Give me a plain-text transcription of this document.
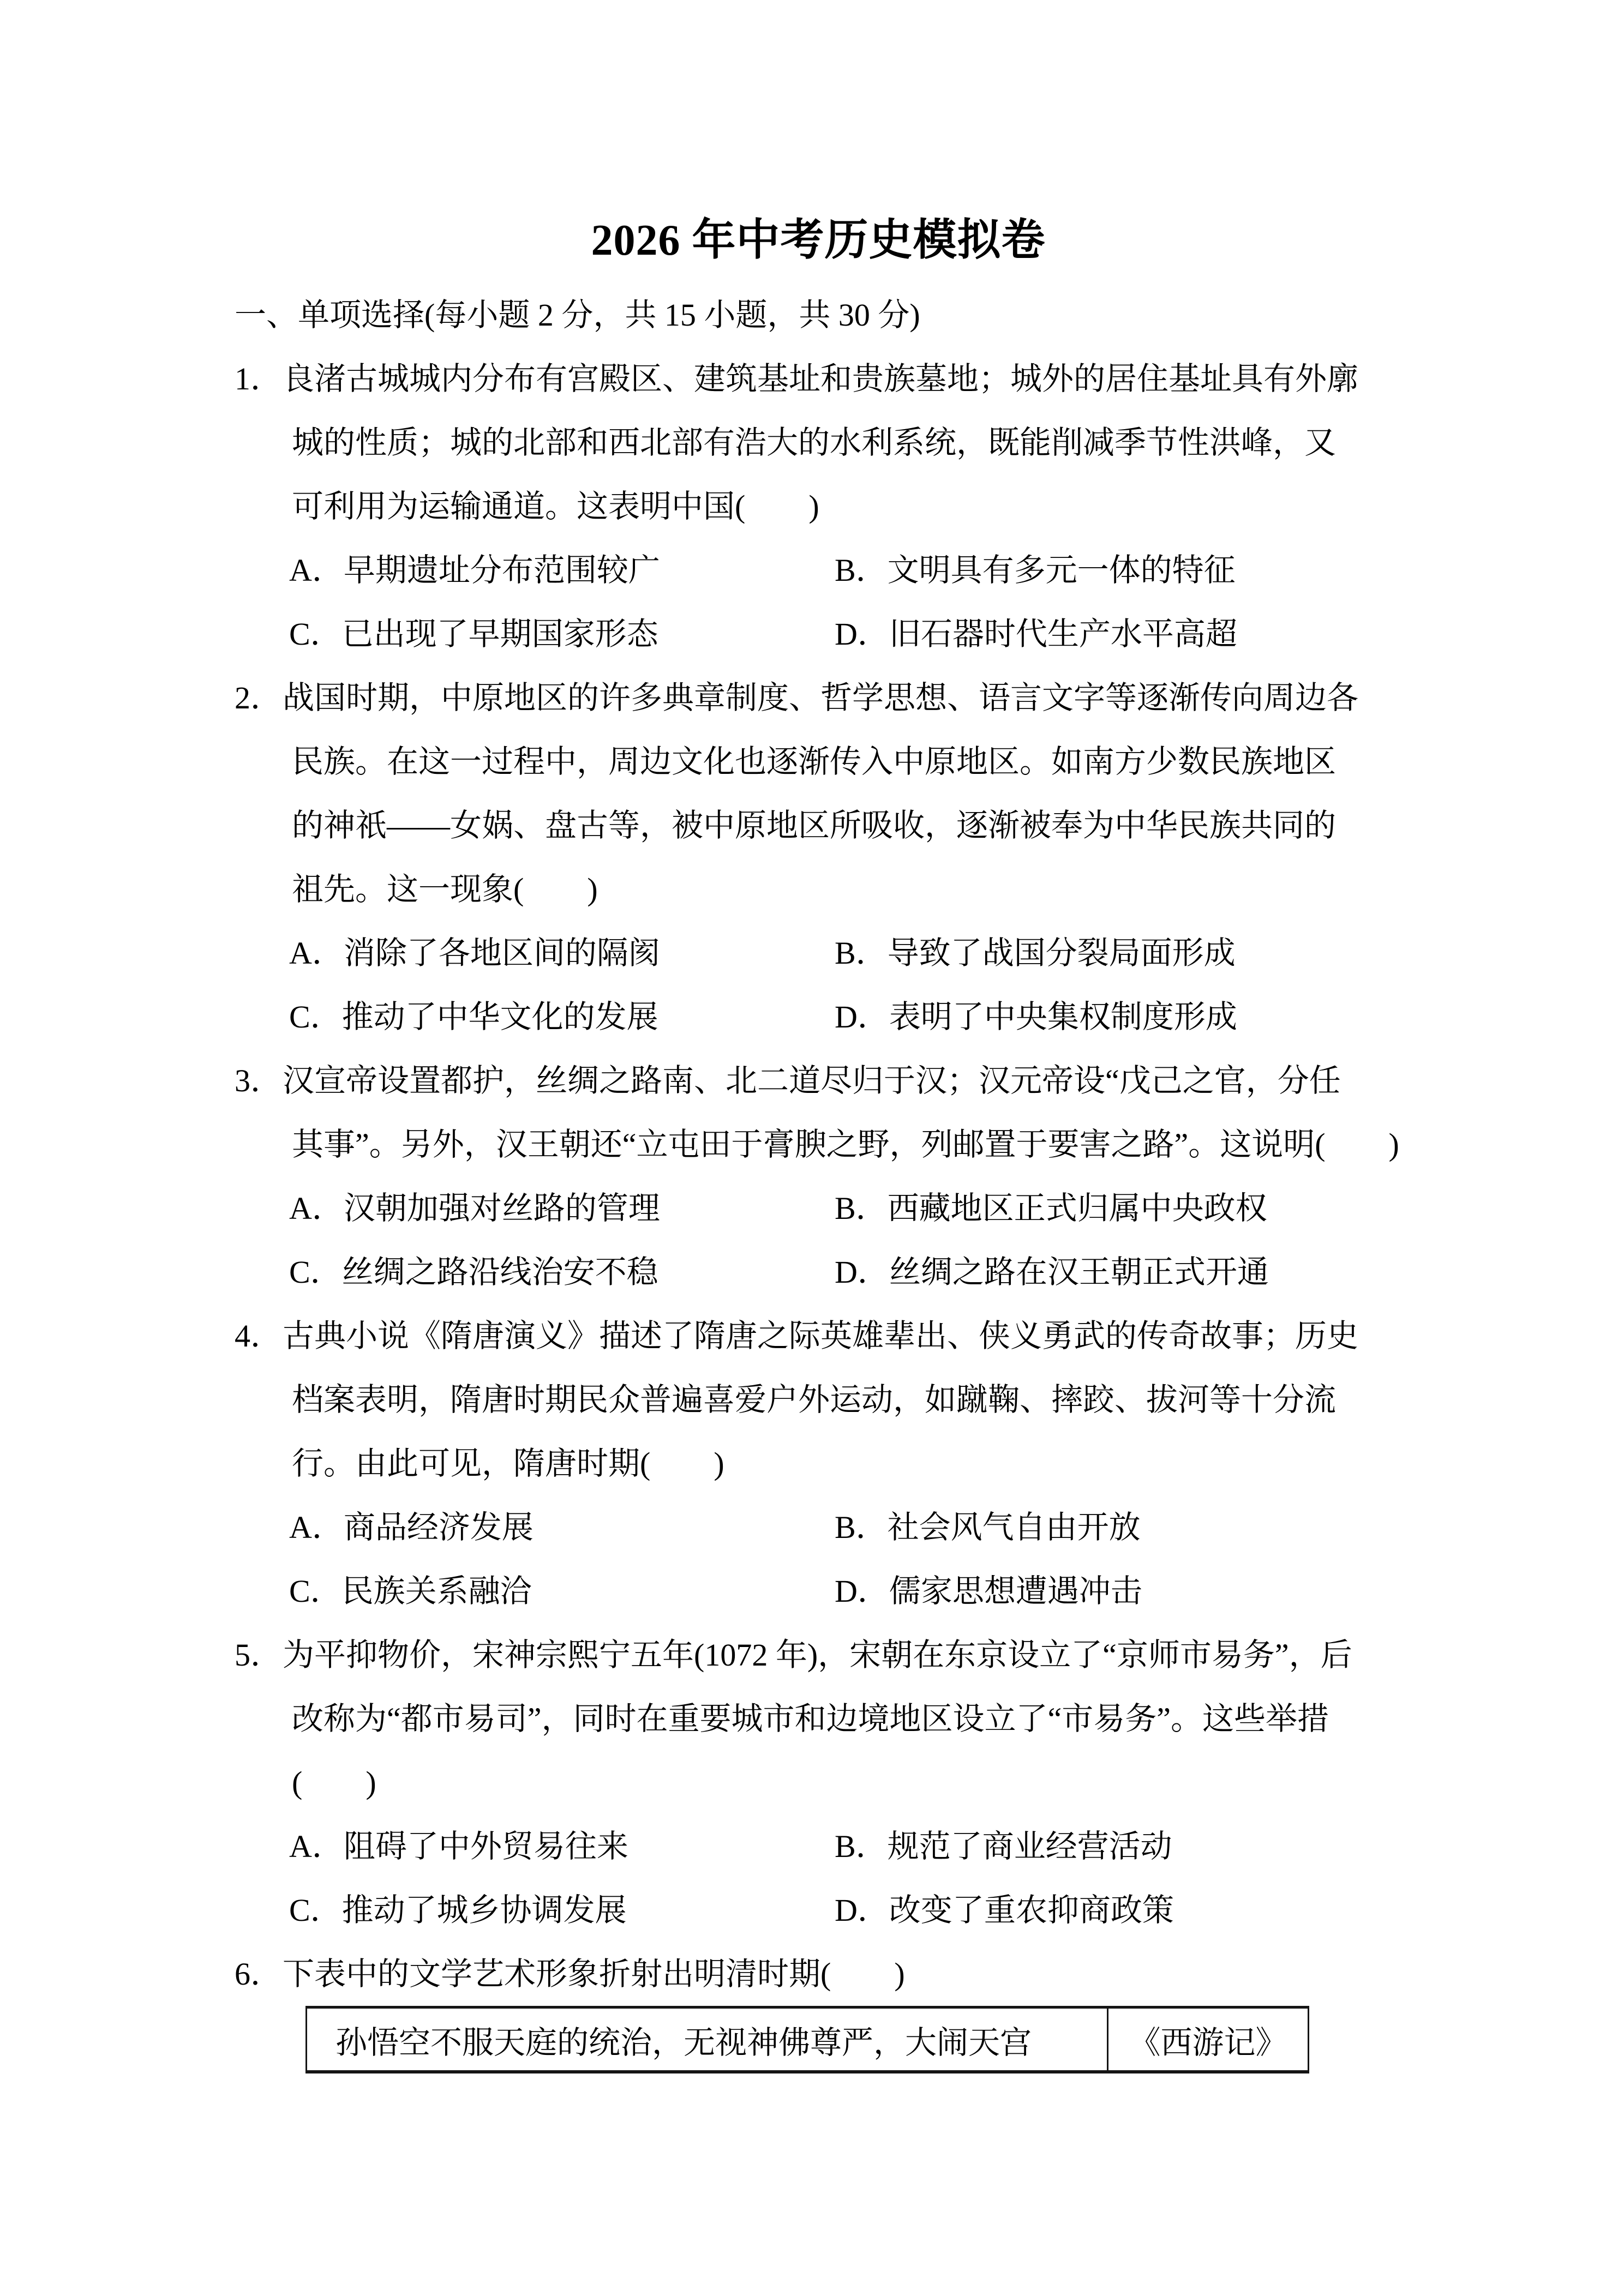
2026 年中考历史模拟卷
一、单项选择(每小题 2 分，共 15 小题，共 30 分)
1．良渚古城城内分布有宫殿区、建筑基址和贵族墓地；城外的居住基址具有外廓
城的性质；城的北部和西北部有浩大的水利系统，既能削减季节性洪峰，又
可利用为运输通道。这表明中国(　　)
A．早期遗址分布范围较广	B．文明具有多元一体的特征
C．已出现了早期国家形态	D．旧石器时代生产水平高超
2．战国时期，中原地区的许多典章制度、哲学思想、语言文字等逐渐传向周边各
民族。在这一过程中，周边文化也逐渐传入中原地区。如南方少数民族地区
的神祇——女娲、盘古等，被中原地区所吸收，逐渐被奉为中华民族共同的
祖先。这一现象(　　)
A．消除了各地区间的隔阂	B．导致了战国分裂局面形成
C．推动了中华文化的发展	D．表明了中央集权制度形成
3．汉宣帝设置都护，丝绸之路南、北二道尽归于汉；汉元帝设“戊己之官，分任
其事”。另外，汉王朝还“立屯田于膏腴之野，列邮置于要害之路”。这说明(　　)
A．汉朝加强对丝路的管理	B．西藏地区正式归属中央政权
C．丝绸之路沿线治安不稳	D．丝绸之路在汉王朝正式开通
4．古典小说《隋唐演义》描述了隋唐之际英雄辈出、侠义勇武的传奇故事；历史
档案表明，隋唐时期民众普遍喜爱户外运动，如蹴鞠、摔跤、拔河等十分流
行。由此可见，隋唐时期(　　)
A．商品经济发展	B．社会风气自由开放
C．民族关系融洽	D．儒家思想遭遇冲击
5．为平抑物价，宋神宗熙宁五年(1072 年)，宋朝在东京设立了“京师市易务”，后
改称为“都市易司”，同时在重要城市和边境地区设立了“市易务”。这些举措
(　　)
A．阻碍了中外贸易往来	B．规范了商业经营活动
C．推动了城乡协调发展	D．改变了重农抑商政策
6．下表中的文学艺术形象折射出明清时期(　　)
孙悟空不服天庭的统治，无视神佛尊严，大闹天宫	《西游记》
